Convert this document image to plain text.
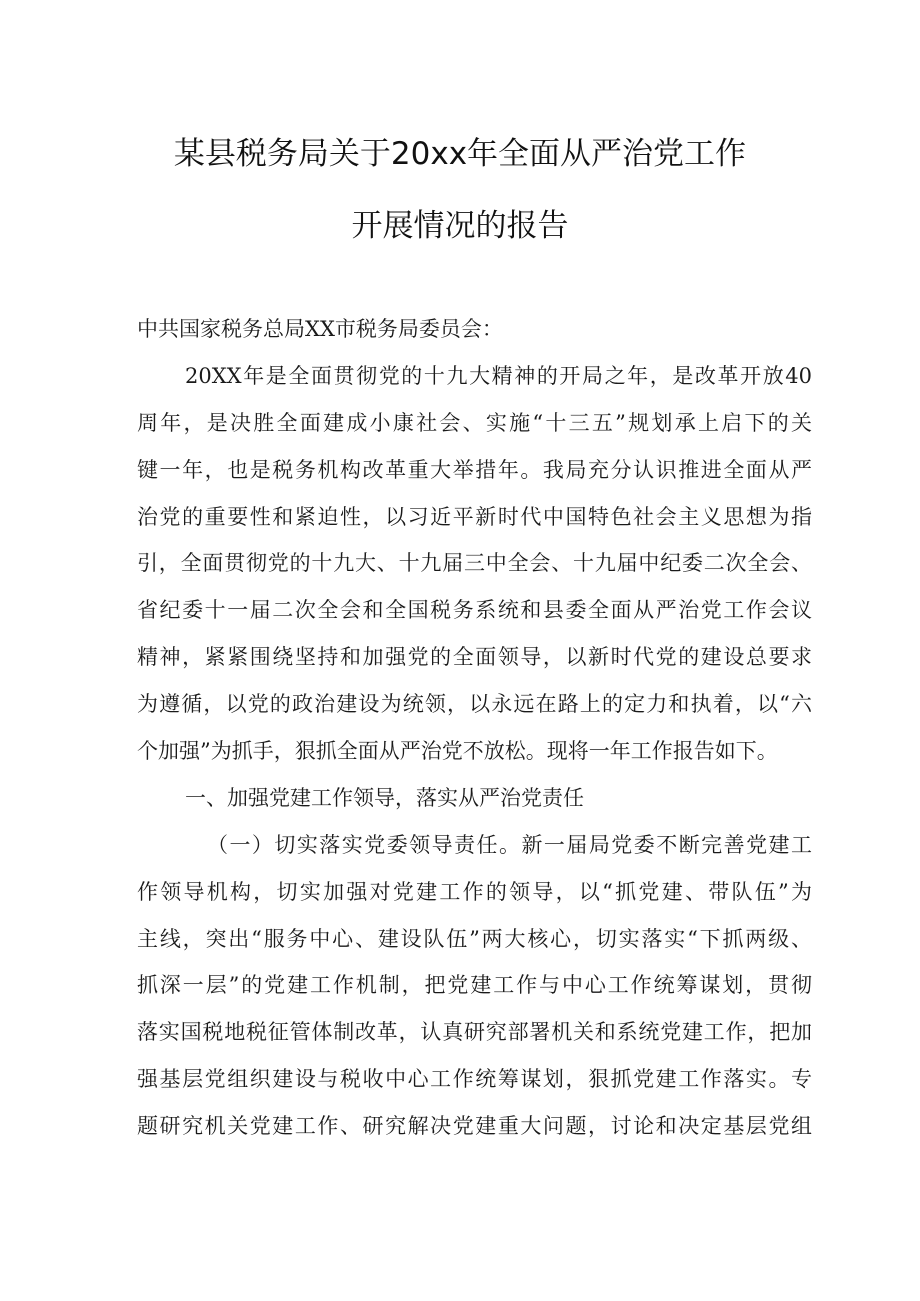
某县税务局关于20xx年全面从严治党工作
开展情况的报告
中共国家税务总局XX市税务局委员会：
20XX年是全面贯彻党的十九大精神的开局之年，是改革开放40
周年，是决胜全面建成小康社会、实施“十三五”规划承上启下的关
键一年，也是税务机构改革重大举措年。我局充分认识推进全面从严
治党的重要性和紧迫性，以习近平新时代中国特色社会主义思想为指
引，全面贯彻党的十九大、十九届三中全会、十九届中纪委二次全会、
省纪委十一届二次全会和全国税务系统和县委全面从严治党工作会议
精神，紧紧围绕坚持和加强党的全面领导，以新时代党的建设总要求
为遵循，以党的政治建设为统领，以永远在路上的定力和执着，以“六
个加强”为抓手，狠抓全面从严治党不放松。现将一年工作报告如下。
一、加强党建工作领导，落实从严治党责任
（一）切实落实党委领导责任。新一届局党委不断完善党建工
作领导机构，切实加强对党建工作的领导，以“抓党建、带队伍”为
主线，突出“服务中心、建设队伍”两大核心，切实落实“下抓两级、
抓深一层”的党建工作机制，把党建工作与中心工作统筹谋划，贯彻
落实国税地税征管体制改革，认真研究部署机关和系统党建工作，把加
强基层党组织建设与税收中心工作统筹谋划，狠抓党建工作落实。专
题研究机关党建工作、研究解决党建重大问题，讨论和决定基层党组
